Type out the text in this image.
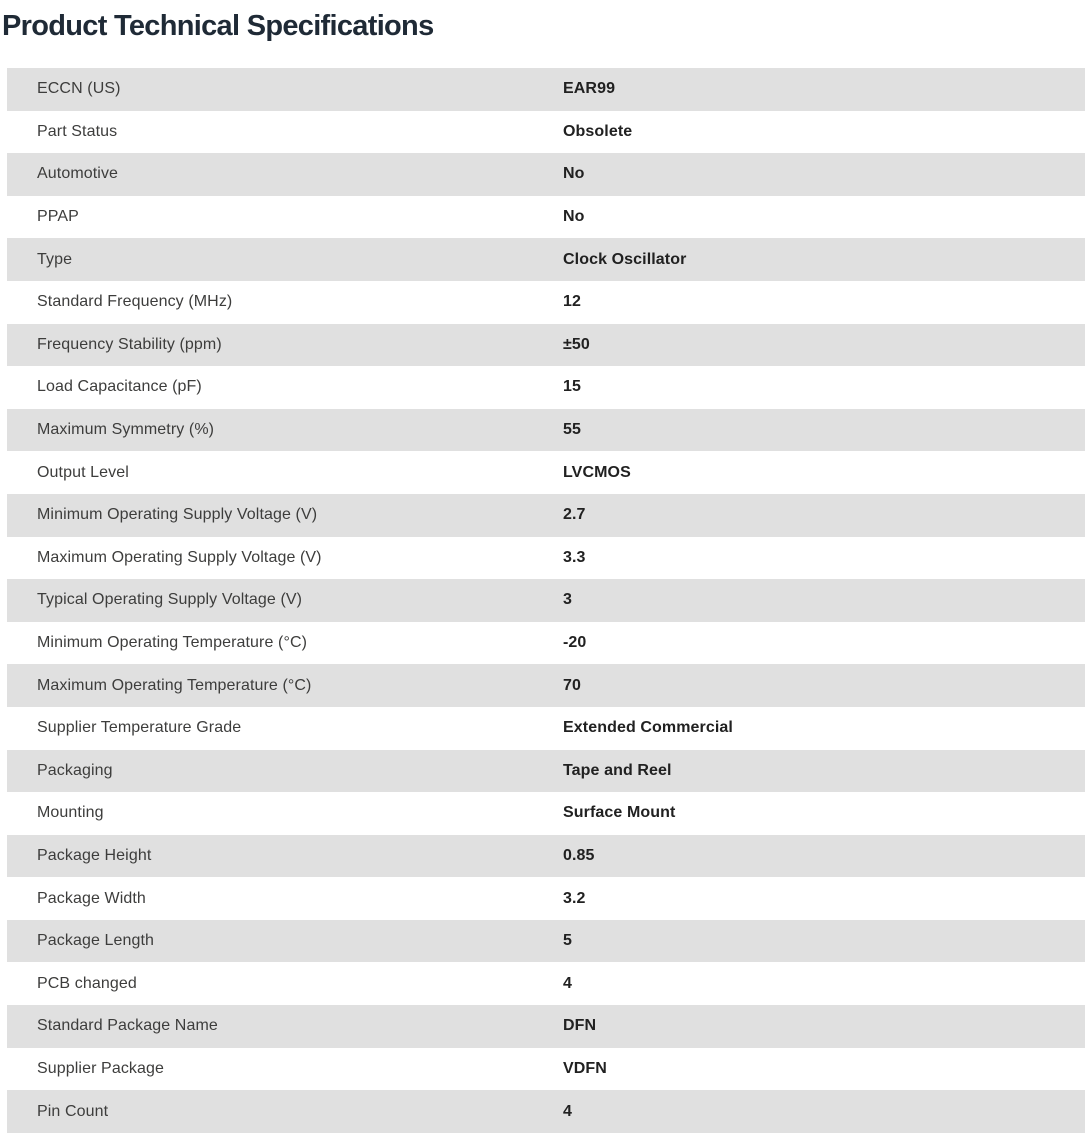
Product Technical Specifications
ECCN (US)	EAR99
Part Status	Obsolete
Automotive	No
PPAP	No
Type	Clock Oscillator
Standard Frequency (MHz)	12
Frequency Stability (ppm)	±50
Load Capacitance (pF)	15
Maximum Symmetry (%)	55
Output Level	LVCMOS
Minimum Operating Supply Voltage (V)	2.7
Maximum Operating Supply Voltage (V)	3.3
Typical Operating Supply Voltage (V)	3
Minimum Operating Temperature (°C)	-20
Maximum Operating Temperature (°C)	70
Supplier Temperature Grade	Extended Commercial
Packaging	Tape and Reel
Mounting	Surface Mount
Package Height	0.85
Package Width	3.2
Package Length	5
PCB changed	4
Standard Package Name	DFN
Supplier Package	VDFN
Pin Count	4
